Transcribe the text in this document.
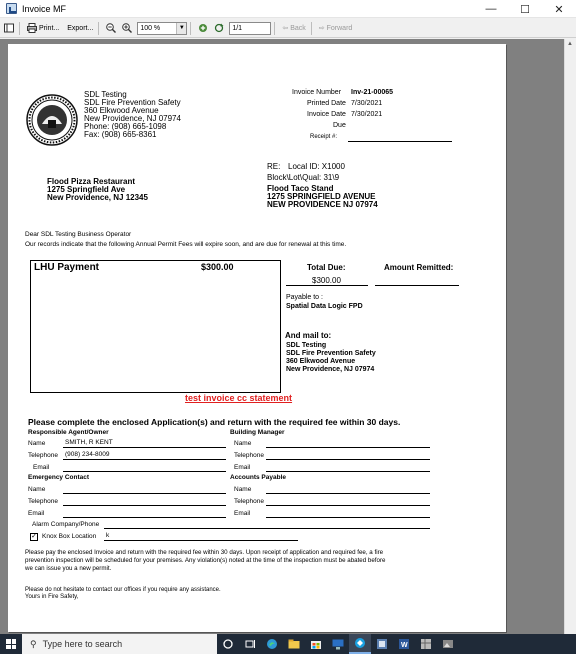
Invoice MF	—	☐	✕
Print... Export...	100 %	▼	1/1	⇦ Back ⇨ Forward
▲
SDL Testing
SDL Fire Prevention Safety
360 Elkwood Avenue
New Providence, NJ 07974
Phone: (908) 665-1098
Fax: (908) 665-8361
Invoice Number Inv-21-00065
Printed Date 7/30/2021
Invoice Date 7/30/2021
Due
Receipt #:
RE: Local ID: X1000
Block\Lot\Qual: 31\9
Flood Taco Stand
1275 SPRINGFIELD AVENUE
NEW PROVIDENCE NJ 07974
Flood Pizza Restaurant
1275 Springfield Ave
New Providence, NJ 12345
Dear SDL Testing Business Operator
Our records indicate that the following Annual Permit Fees will expire soon, and are due for renewal at this time.
LHU Payment	$300.00	Total Due:
$300.00
Amount Remitted:
Payable to :
Spatial Data Logic FPD
And mail to:
SDL Testing
SDL Fire Prevention Safety
360 Elkwood Avenue
New Providence, NJ 07974
test invoice cc statement
Please complete the enclosed Application(s) and return with the required fee within 30 days.
Responsible Agent/Owner
Name	SMITH, R KENT
Telephone (908) 234-8009
Email
Building Manager
Name
Telephone
Email
Emergency Contact
Name
Telephone
Email
Accounts Payable
Name
Telephone
Email
Alarm Company/Phone
✓ Knox Box Location k
Please pay the enclosed Invoice and return with the required fee within 30 days. Upon receipt of application and required fee, a fire
prevention inspection will be scheduled for your premises. Any violation(s) noted at the time of the inspection must be abated before
we can issue you a new permit.
Please do not hesitate to contact our offices if you require any assistance.
Yours in Fire Safety,
⚲ Type here to search	W
